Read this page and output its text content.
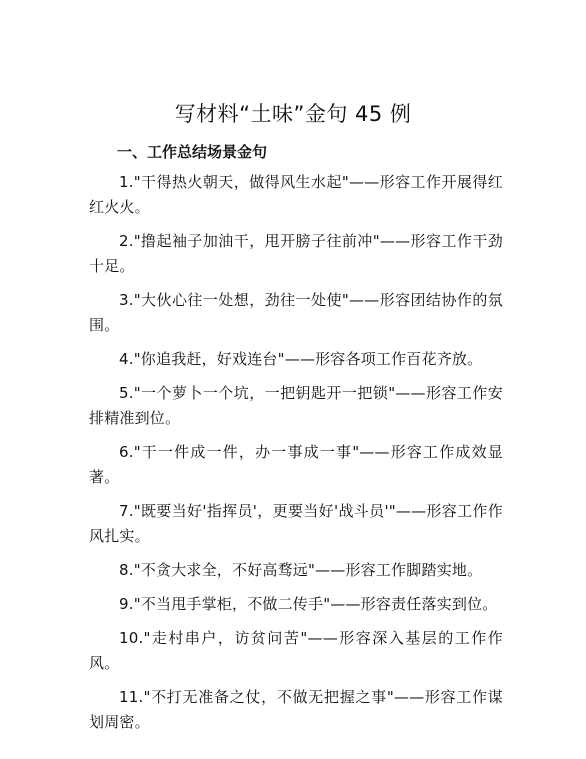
写材料“土味”金句 45 例
一、工作总结场景金句
1."干得热火朝天，做得风生水起"——形容工作开展得红红火火。
2."撸起袖子加油干，甩开膀子往前冲"——形容工作干劲十足。
3."大伙心往一处想，劲往一处使"——形容团结协作的氛围。
4."你追我赶，好戏连台"——形容各项工作百花齐放。
5."一个萝卜一个坑，一把钥匙开一把锁"——形容工作安排精准到位。
6."干一件成一件，办一事成一事"——形容工作成效显著。
7."既要当好'指挥员'，更要当好'战斗员'"——形容工作作风扎实。
8."不贪大求全，不好高骛远"——形容工作脚踏实地。
9."不当甩手掌柜，不做二传手"——形容责任落实到位。
10."走村串户，访贫问苦"——形容深入基层的工作作风。
11."不打无准备之仗，不做无把握之事"——形容工作谋划周密。
